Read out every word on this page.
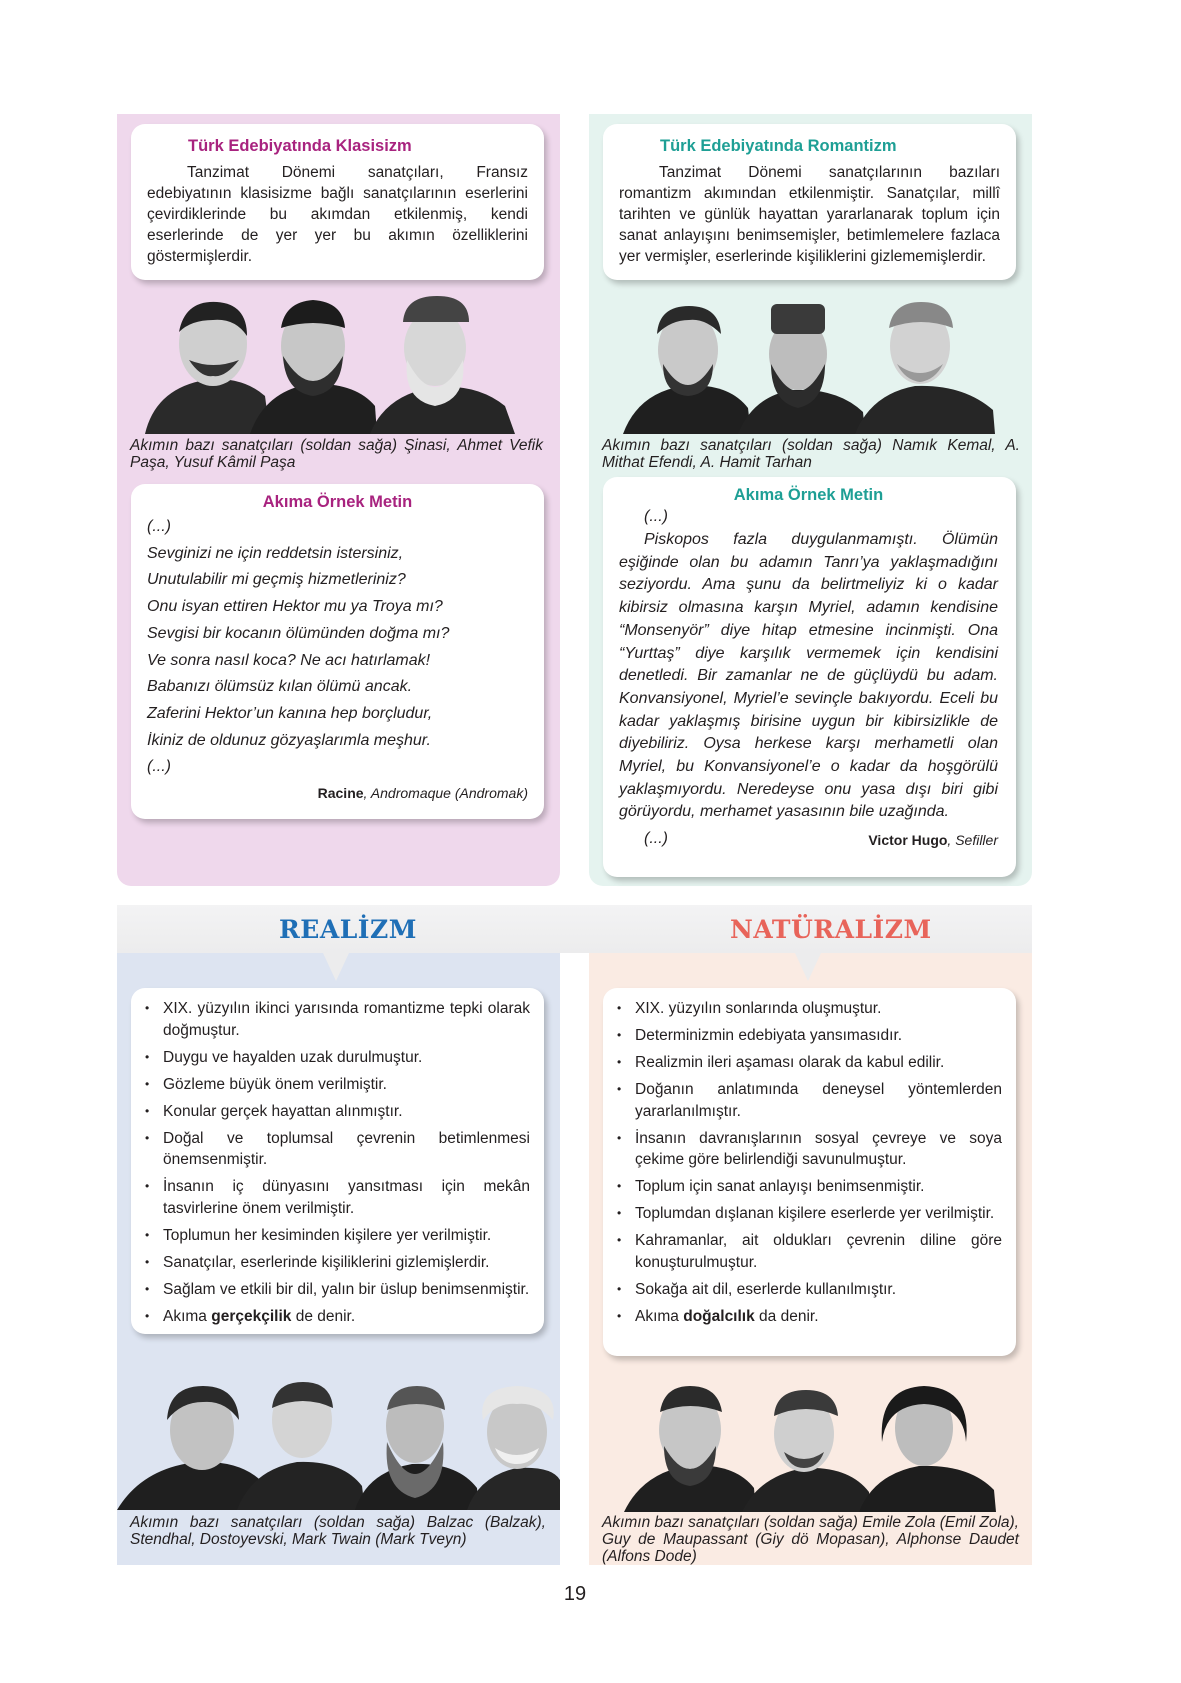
Türk Edebiyatında Klasisizm

Tanzimat Dönemi sanatçıları, Fransız edebiyatının klasisizme bağlı sanatçılarının eserlerini çevirdiklerinde bu akımdan etkilenmiş, kendi eserlerinde de yer yer bu akımın özelliklerini göstermişlerdir.

Türk Edebiyatında Romantizm

Tanzimat Dönemi sanatçılarının bazıları romantizm akımından etkilenmiştir. Sanatçılar, millî tarihten ve günlük hayattan yararlanarak toplum için sanat anlayışını benimsemişler, betimlemelere fazlaca yer vermişler, eserlerinde kişiliklerini gizlememişlerdir.

Akımın bazı sanatçıları (soldan sağa) Şinasi, Ahmet Vefik Paşa, Yusuf Kâmil Paşa
Akımın bazı sanatçıları (soldan sağa) Namık Kemal, A. Mithat Efendi, A. Hamit Tarhan
Akıma Örnek Metin
(...)
Sevginizi ne için reddetsin istersiniz,
Unutulabilir mi geçmiş hizmetleriniz?
Onu isyan ettiren Hektor mu ya Troya mı?
Sevgisi bir kocanın ölümünden doğma mı?
Ve sonra nasıl koca? Ne acı hatırlamak!
Babanızı ölümsüz kılan ölümü ancak.
Zaferini Hektor’un kanına hep borçludur,
İkiniz de oldunuz gözyaşlarımla meşhur.
(...)
Racine, Andromaque (Andromak)
Akıma Örnek Metin
(...)

Piskopos fazla duygulanmamıştı. Ölümün eşiğinde olan bu adamın Tanrı’ya yaklaşmadığını seziyordu. Ama şunu da belirtmeliyiz ki o kadar kibirsiz olmasına karşın Myriel, adamın kendisine “Monsenyör” diye hitap etmesine incinmişti. Ona “Yurttaş” diye karşılık vermemek için kendisini denetledi. Bir zamanlar ne de güçlüydü bu adam. Konvansiyonel, Myriel’e sevinçle bakıyordu. Eceli bu kadar yaklaşmış birisine uygun bir kibirsizlikle de diyebiliriz. Oysa herkese karşı merhametli olan Myriel, bu Konvansiyonel’e o kadar da hoşgörülü yaklaşmıyordu. Neredeyse onu yasa dışı biri gibi görüyordu, merhamet yasasının bile uzağında.

(...)	Victor Hugo, Sefiller
REALİZM	NATÜRALİZM
• XIX. yüzyılın ikinci yarısında romantizme tepki olarak doğmuştur.
• Duygu ve hayalden uzak durulmuştur.
• Gözleme büyük önem verilmiştir.
• Konular gerçek hayattan alınmıştır.
• Doğal ve toplumsal çevrenin betimlenmesi önemsenmiştir.
• İnsanın iç dünyasını yansıtması için mekân tasvirlerine önem verilmiştir.
• Toplumun her kesiminden kişilere yer verilmiştir.
• Sanatçılar, eserlerinde kişiliklerini gizlemişlerdir.
• Sağlam ve etkili bir dil, yalın bir üslup benimsenmiştir.
• Akıma gerçekçilik de denir.
• XIX. yüzyılın sonlarında oluşmuştur.
• Determinizmin edebiyata yansımasıdır.
• Realizmin ileri aşaması olarak da kabul edilir.
• Doğanın anlatımında deneysel yöntemlerden yararlanılmıştır.
• İnsanın davranışlarının sosyal çevreye ve soya çekime göre belirlendiği savunulmuştur.
• Toplum için sanat anlayışı benimsenmiştir.
• Toplumdan dışlanan kişilere eserlerde yer verilmiştir.
• Kahramanlar, ait oldukları çevrenin diline göre konuşturulmuştur.
• Sokağa ait dil, eserlerde kullanılmıştır.
• Akıma doğalcılık da denir.
Akımın bazı sanatçıları (soldan sağa) Balzac (Balzak), Stendhal, Dostoyevski, Mark Twain (Mark Tveyn)
Akımın bazı sanatçıları (soldan sağa) Emile Zola (Emil Zola), Guy de Maupassant (Giy dö Mopasan), Alphonse Daudet (Alfons Dode)
19
